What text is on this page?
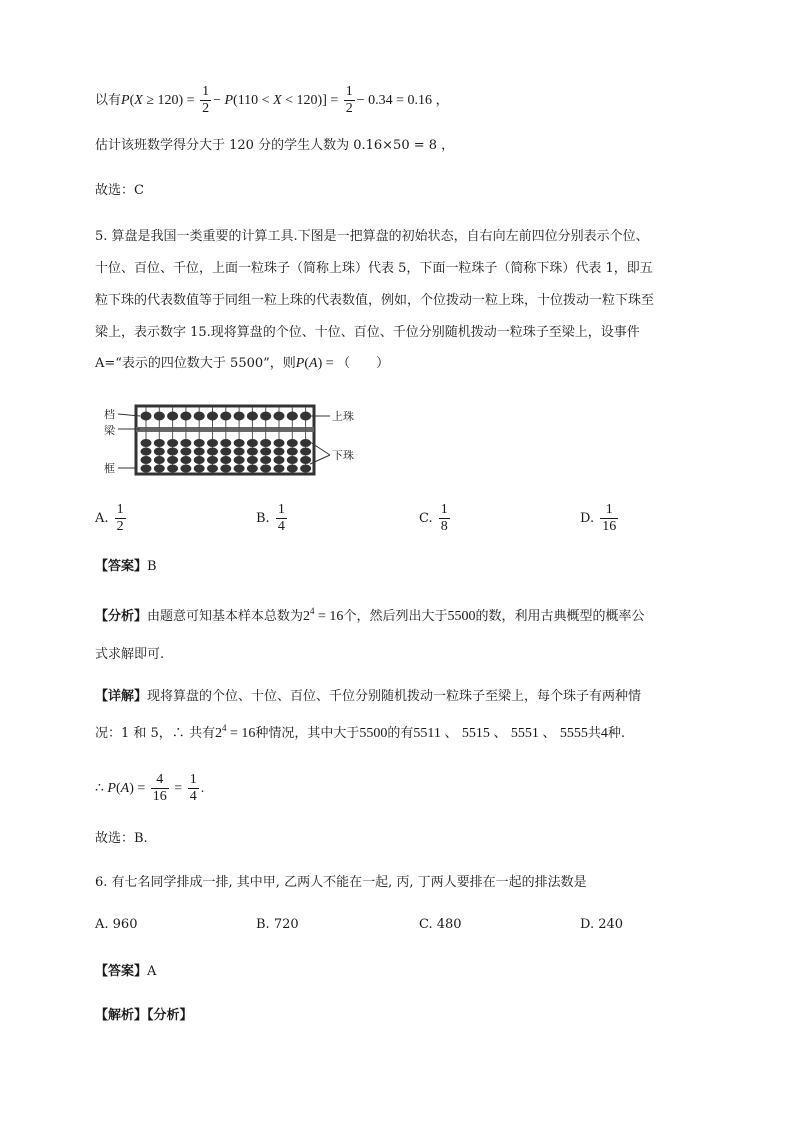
以有$P(X \ge 120) = \frac{1}{2} - P(110 < X < 120)] = \frac{1}{2} - 0.34 = 0.16$ ，
估计该班数学得分大于 120 分的学生人数为 0.16×50 = 8 ，
故选：C
5. 算盘是我国一类重要的计算工具.下图是一把算盘的初始状态，自右向左前四位分别表示个位、
十位、百位、千位，上面一粒珠子（简称上珠）代表 5，下面一粒珠子（简称下珠）代表 1，即五
粒下珠的代表数值等于同组一粒上珠的代表数值，例如，个位拨动一粒上珠，十位拨动一粒下珠至
梁上，表示数字 15.现将算盘的个位、十位、百位、千位分别随机拨动一粒珠子至梁上，设事件
A=“表示的四位数大于 5500”，则P(A) = （　　）
档
梁
框
上珠
下珠
A. $\frac{1}{2}$	B. $\frac{1}{4}$	C. $\frac{1}{8}$	D. $\frac{1}{16}$
【答案】B
【分析】由题意可知基本样本总数为$2^4 = 16$个，然后列出大于5500的数，利用古典概型的概率公
式求解即可.
【详解】现将算盘的个位、十位、百位、千位分别随机拨动一粒珠子至梁上，每个珠子有两种情
况：1 和 5，∴ 共有$2^4 = 16$种情况，其中大于5500的有5511 、 5515 、 5551 、 5555共4种.
∴ $P(A) = \frac{4}{16} = \frac{1}{4}$ .
故选：B.
6. 有七名同学排成一排, 其中甲, 乙两人不能在一起, 丙, 丁两人要排在一起的排法数是
A. 960	B. 720	C. 480	D. 240
【答案】A
【解析】【分析】
